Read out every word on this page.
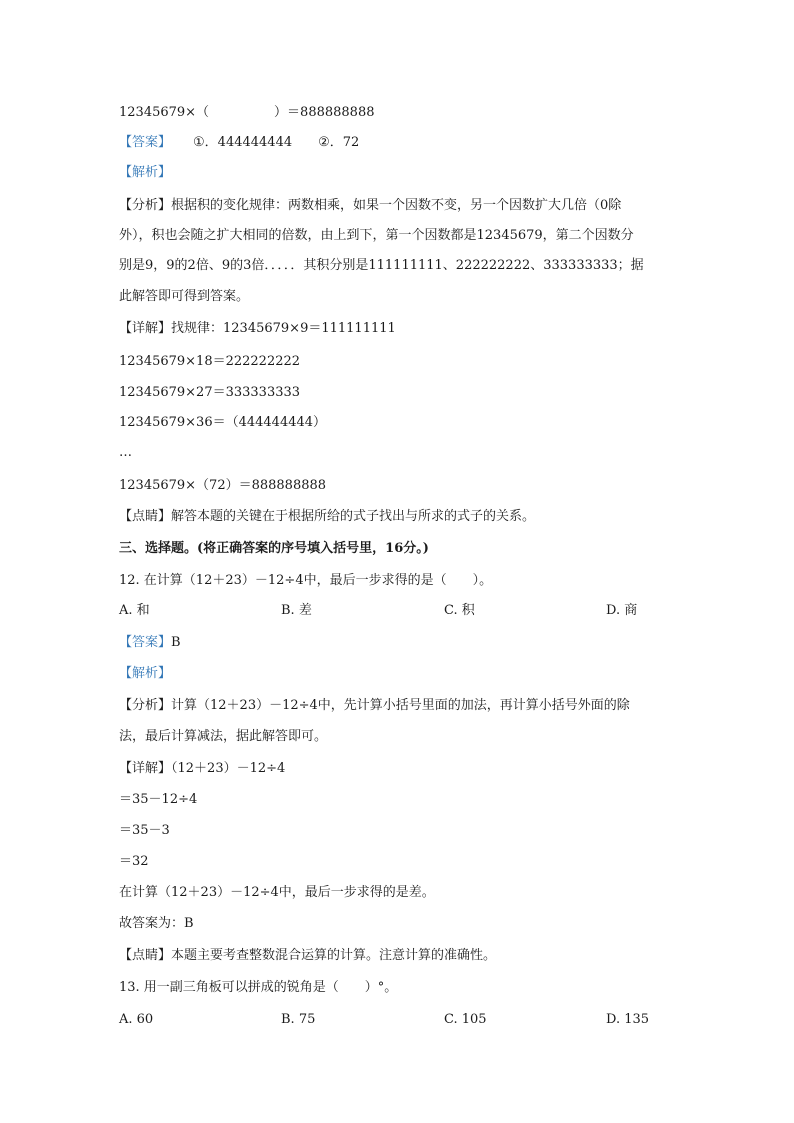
12345679×（　　　　　）＝888888888
【答案】 ①．444444444 ②．72
【解析】
【分析】根据积的变化规律：两数相乘，如果一个因数不变，另一个因数扩大几倍（0除
外），积也会随之扩大相同的倍数，由上到下，第一个因数都是12345679，第二个因数分
别是9，9的2倍、9的3倍．．．．．其积分别是111111111、222222222、333333333；据
此解答即可得到答案。
【详解】找规律：12345679×9＝111111111
12345679×18＝222222222
12345679×27＝333333333
12345679×36＝（444444444）
…
12345679×（72）＝888888888
【点睛】解答本题的关键在于根据所给的式子找出与所求的式子的关系。
三、选择题。(将正确答案的序号填入括号里，16分。)
12. 在计算（12＋23）－12÷4中，最后一步求得的是（　　）。
A. 和	B. 差	C. 积	D. 商
【答案】B
【解析】
【分析】计算（12＋23）－12÷4中，先计算小括号里面的加法，再计算小括号外面的除
法，最后计算减法，据此解答即可。
【详解】（12＋23）－12÷4
＝35－12÷4
＝35－3
＝32
在计算（12＋23）－12÷4中，最后一步求得的是差。
故答案为：B
【点睛】本题主要考查整数混合运算的计算。注意计算的准确性。
13. 用一副三角板可以拼成的锐角是（　　）°。
A. 60	B. 75	C. 105	D. 135
